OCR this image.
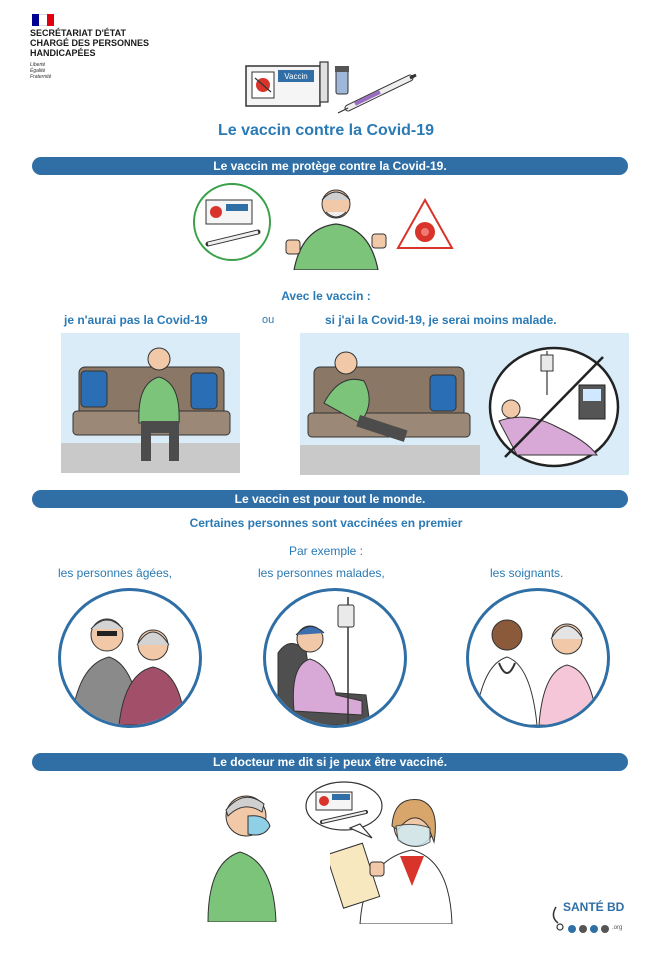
SECRÉTARIAT D'ÉTAT
CHARGÉ DES PERSONNES
HANDICAPÉES
Liberté
Égalité
Fraternité	Vaccin
Le vaccin contre la Covid-19
Le vaccin me protège contre la Covid-19.
Avec le vaccin :
je n'aurai pas la Covid-19	ou	si j'ai la Covid-19, je serai moins malade.
Le vaccin est pour tout le monde.
Certaines personnes sont vaccinées en premier
Par exemple :
les personnes âgées,	les personnes malades,	les soignants.
Le docteur me dit si je peux être vacciné.
SANTÉ BD
.org
